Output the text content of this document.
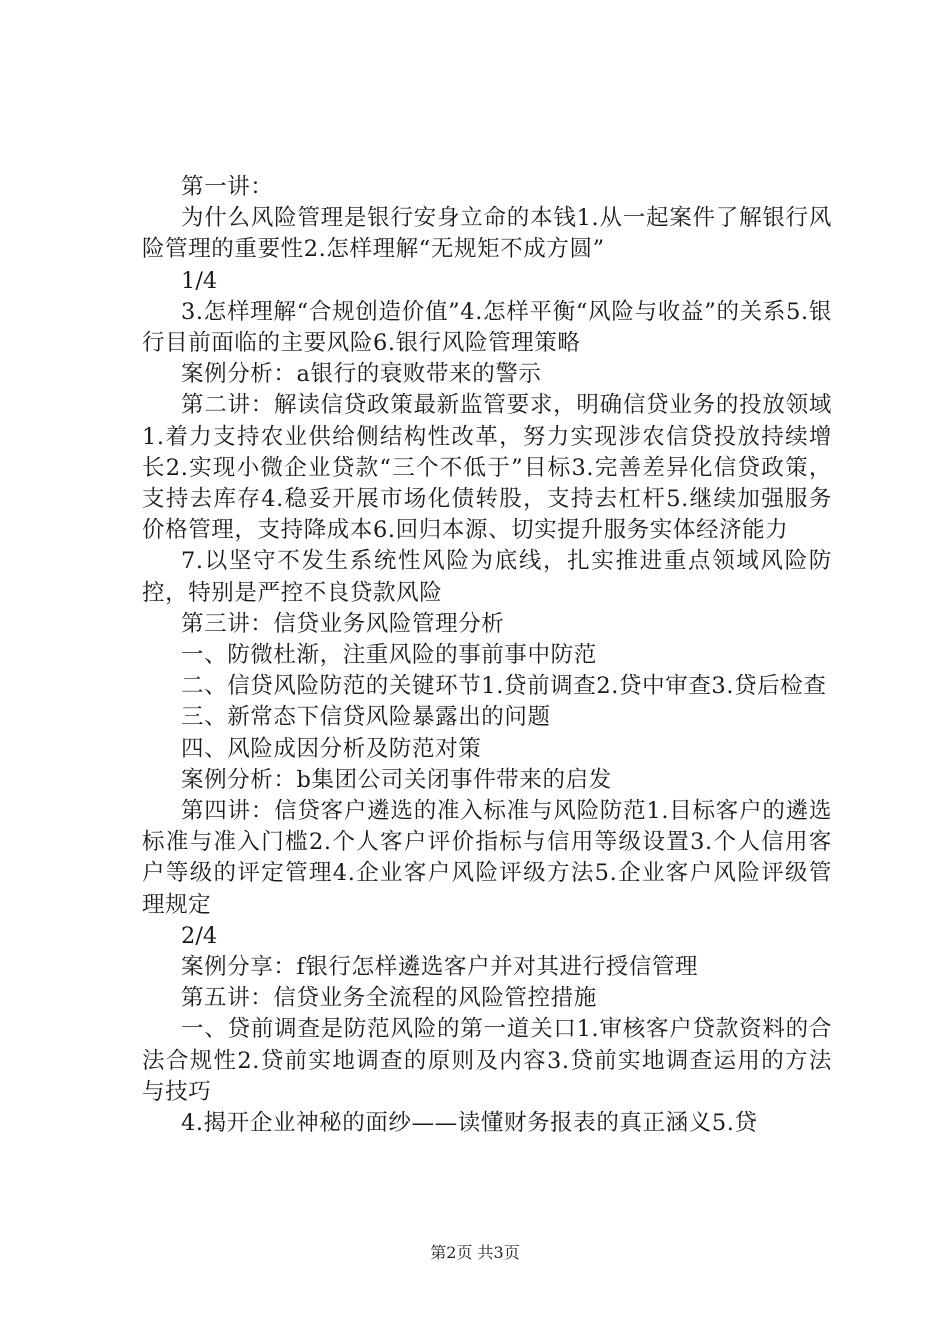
第一讲：

为什么风险管理是银行安身立命的本钱1.从一起案件了解银行风险管理的重要性2.怎样理解“无规矩不成方圆”

1/4

3.怎样理解“合规创造价值”4.怎样平衡“风险与收益”的关系5.银行目前面临的主要风险6.银行风险管理策略

案例分析：a银行的衰败带来的警示

第二讲：解读信贷政策最新监管要求，明确信贷业务的投放领域1.着力支持农业供给侧结构性改革，努力实现涉农信贷投放持续增长2.实现小微企业贷款“三个不低于”目标3.完善差异化信贷政策，支持去库存4.稳妥开展市场化债转股，支持去杠杆5.继续加强服务价格管理，支持降成本6.回归本源、切实提升服务实体经济能力

7.以坚守不发生系统性风险为底线，扎实推进重点领域风险防控，特别是严控不良贷款风险

第三讲：信贷业务风险管理分析

一、防微杜渐，注重风险的事前事中防范

二、信贷风险防范的关键环节1.贷前调查2.贷中审查3.贷后检查

三、新常态下信贷风险暴露出的问题

四、风险成因分析及防范对策

案例分析：b集团公司关闭事件带来的启发

第四讲：信贷客户遴选的准入标准与风险防范1.目标客户的遴选标准与准入门槛2.个人客户评价指标与信用等级设置3.个人信用客户等级的评定管理4.企业客户风险评级方法5.企业客户风险评级管理规定

2/4

案例分享：f银行怎样遴选客户并对其进行授信管理

第五讲：信贷业务全流程的风险管控措施

一、贷前调查是防范风险的第一道关口1.审核客户贷款资料的合法合规性2.贷前实地调查的原则及内容3.贷前实地调查运用的方法与技巧

4.揭开企业神秘的面纱——读懂财务报表的真正涵义5.贷

第2页 共3页
